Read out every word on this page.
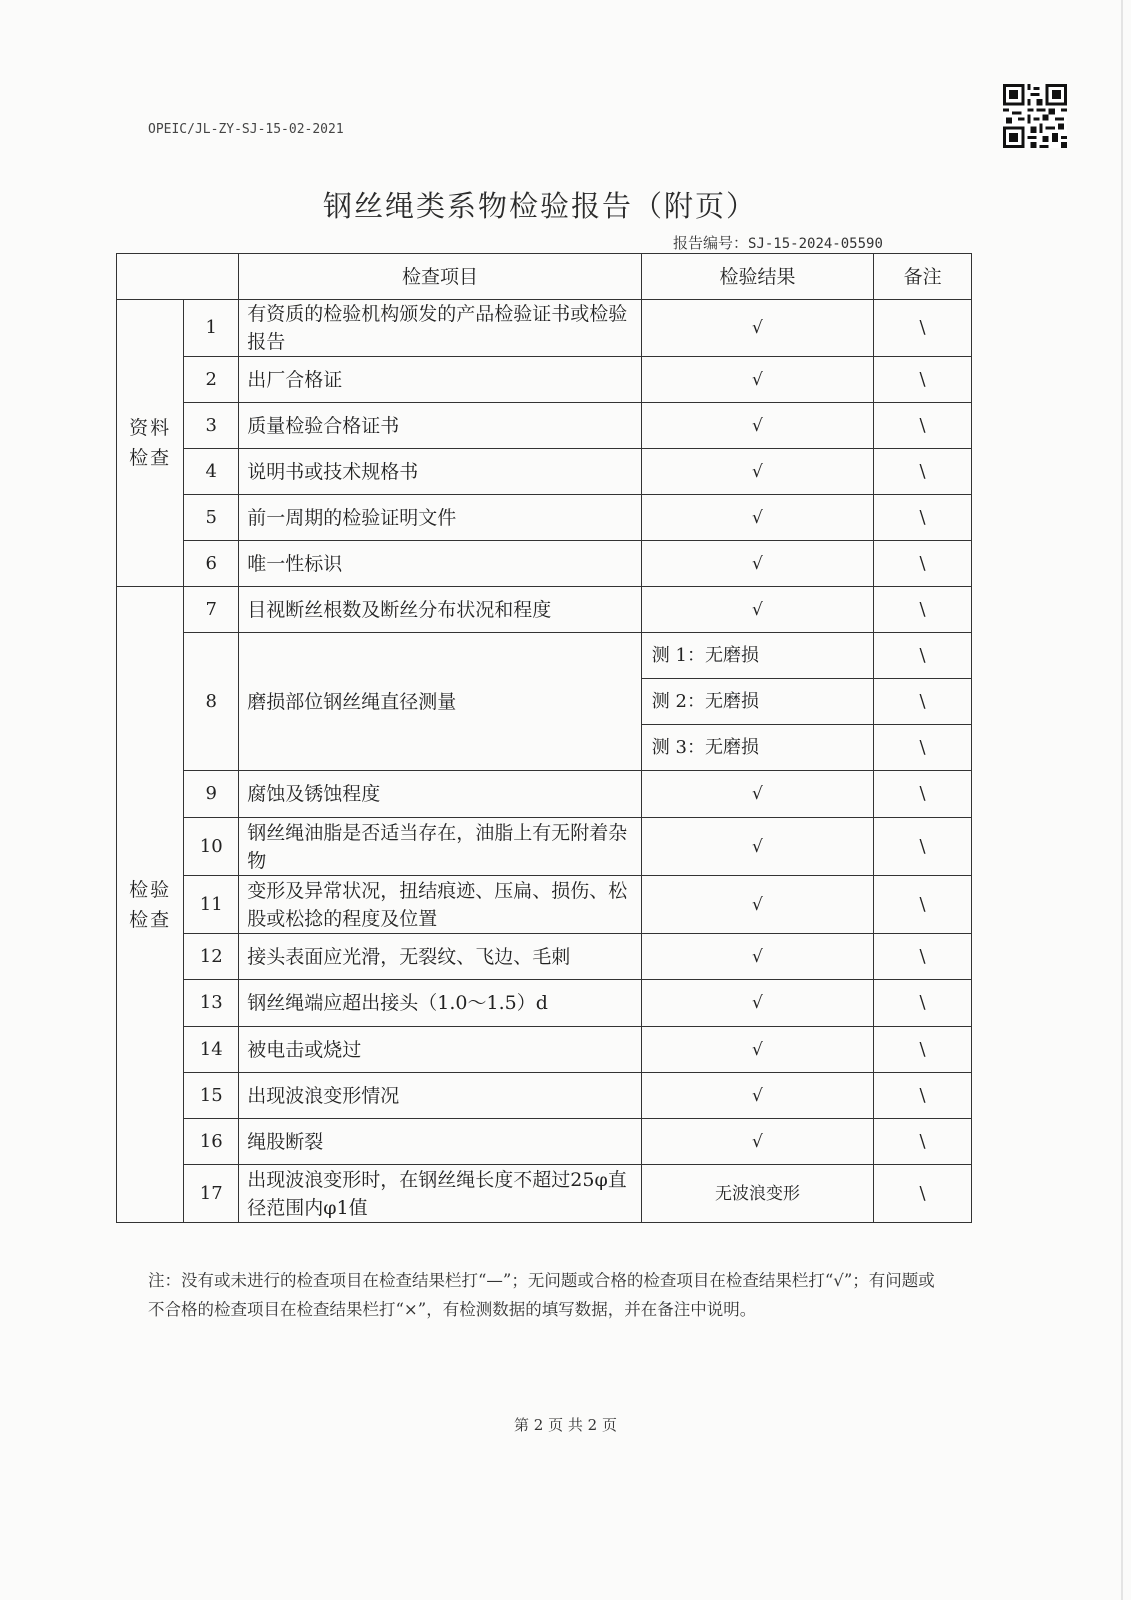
OPEIC/JL-ZY-SJ-15-02-2021
钢丝绳类系物检验报告（附页）
报告编号：SJ-15-2024-05590
		检查项目	检验结果	备注
资料检查	1	有资质的检验机构颁发的产品检验证书或检验报告	√	\
	2	出厂合格证	√	\
	3	质量检验合格证书	√	\
	4	说明书或技术规格书	√	\
	5	前一周期的检验证明文件	√	\
	6	唯一性标识	√	\
检验检查	7	目视断丝根数及断丝分布状况和程度	√	\
	8	磨损部位钢丝绳直径测量	测 1：无磨损	\
			测 2：无磨损	\
			测 3：无磨损	\
	9	腐蚀及锈蚀程度	√	\
	10	钢丝绳油脂是否适当存在，油脂上有无附着杂物	√	\
	11	变形及异常状况，扭结痕迹、压扁、损伤、松股或松捻的程度及位置	√	\
	12	接头表面应光滑，无裂纹、飞边、毛刺	√	\
	13	钢丝绳端应超出接头（1.0～1.5）d	√	\
	14	被电击或烧过	√	\
	15	出现波浪变形情况	√	\
	16	绳股断裂	√	\
	17	出现波浪变形时，在钢丝绳长度不超过25φ直径范围内φ1值	无波浪变形	\
注：没有或未进行的检查项目在检查结果栏打“—”；无问题或合格的检查项目在检查结果栏打“√”；有问题或不合格的检查项目在检查结果栏打“×”，有检测数据的填写数据，并在备注中说明。
第 2 页 共 2 页
